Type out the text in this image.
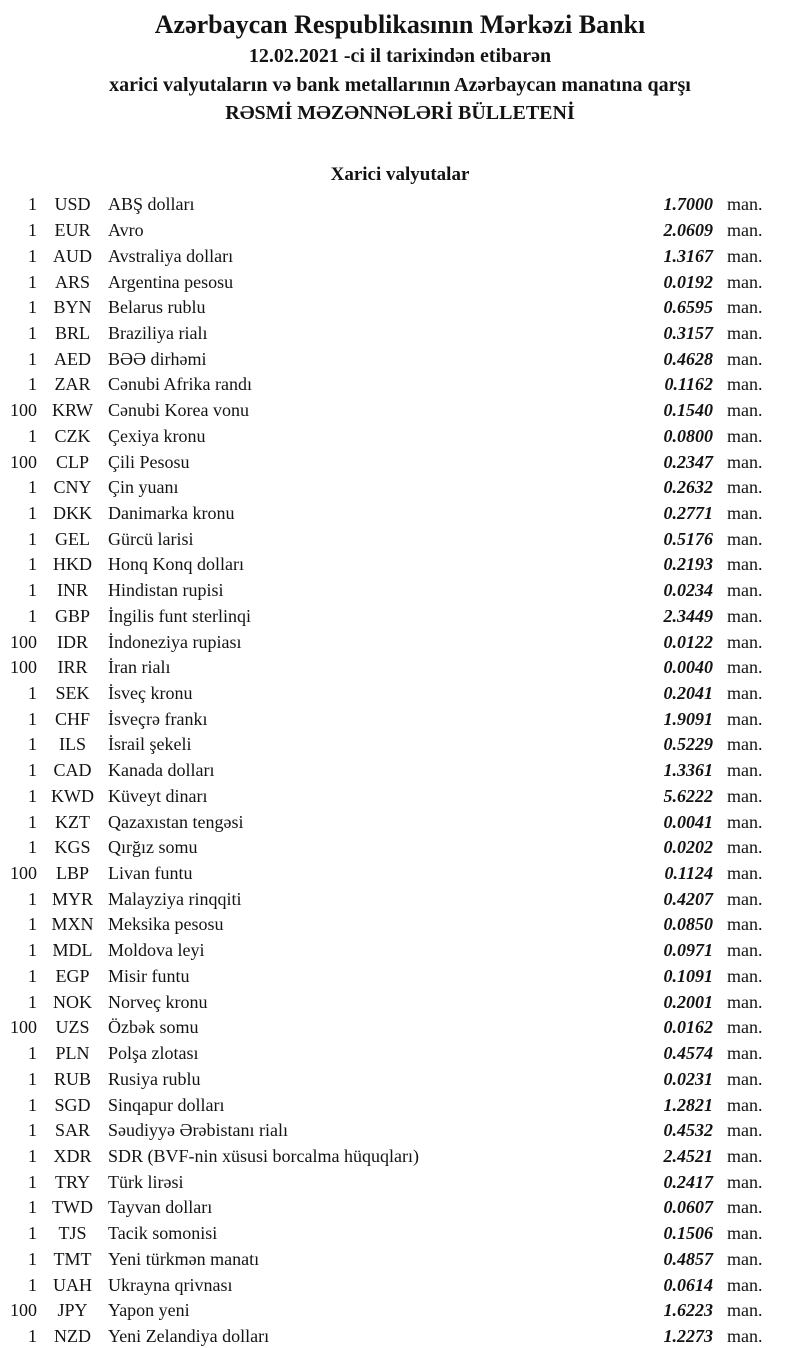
Azərbaycan Respublikasının Mərkəzi Bankı
12.02.2021 -ci il tarixindən etibarən
xarici valyutaların və bank metallarının Azərbaycan manatına qarşı
RƏSMİ MƏZƏNNƏLƏRİ BÜLLETENİ
Xarici valyutalar
1 USD ABŞ dolları	1.7000 man.
1 EUR Avro	2.0609 man.
1 AUD Avstraliya dolları	1.3167 man.
1 ARS	Argentina pesosu	0.0192 man.
1 BYN Belarus rublu	0.6595 man.
1 BRL	Braziliya rialı	0.3157 man.
1 AED BƏƏ dirhəmi	0.4628 man.
1 ZAR Cənubi Afrika randı	0.1162 man.
100 KRW Cənubi Korea vonu	0.1540 man.
1 CZK Çexiya kronu	0.0800 man.
100	CLP	Çili Pesosu	0.2347 man.
1 CNY Çin yuanı	0.2632 man.
1 DKK Danimarka kronu	0.2771 man.
1	GEL	Gürcü larisi	0.5176 man.
1 HKD Honq Konq dolları	0.2193 man.
1	INR	Hindistan rupisi	0.0234 man.
1 GBP	İngilis funt sterlinqi	2.3449 man.
100	IDR	İndoneziya rupiası	0.0122 man.
100	IRR	İran rialı	0.0040 man.
1	SEK	İsveç kronu	0.2041 man.
1 CHF	İsveçrə frankı	1.9091 man.
1	ILS	İsrail şekeli	0.5229 man.
1 CAD Kanada dolları	1.3361 man.
1 KWD Küveyt dinarı	5.6222 man.
1	KZT	Qazaxıstan tengəsi	0.0041 man.
1 KGS Qırğız somu	0.0202 man.
100	LBP	Livan funtu	0.1124 man.
1 MYR Malayziya rinqqiti	0.4207 man.
1 MXN Meksika pesosu	0.0850 man.
1 MDL Moldova leyi	0.0971 man.
1	EGP	Misir funtu	0.1091 man.
1 NOK Norveç kronu	0.2001 man.
100	UZS	Özbək somu	0.0162 man.
1	PLN	Polşa zlotası	0.4574 man.
1 RUB Rusiya rublu	0.0231 man.
1 SGD Sinqapur dolları	1.2821 man.
1 SAR	Səudiyyə Ərəbistanı rialı	0.4532 man.
1 XDR SDR (BVF-nin xüsusi borcalma hüquqları)	2.4521 man.
1 TRY	Türk lirəsi	0.2417 man.
1 TWD Tayvan dolları	0.0607 man.
1	TJS	Tacik somonisi	0.1506 man.
1 TMT Yeni türkmən manatı	0.4857 man.
1 UAH Ukrayna qrivnası	0.0614 man.
100	JPY	Yapon yeni	1.6223 man.
1 NZD Yeni Zelandiya dolları	1.2273 man.
